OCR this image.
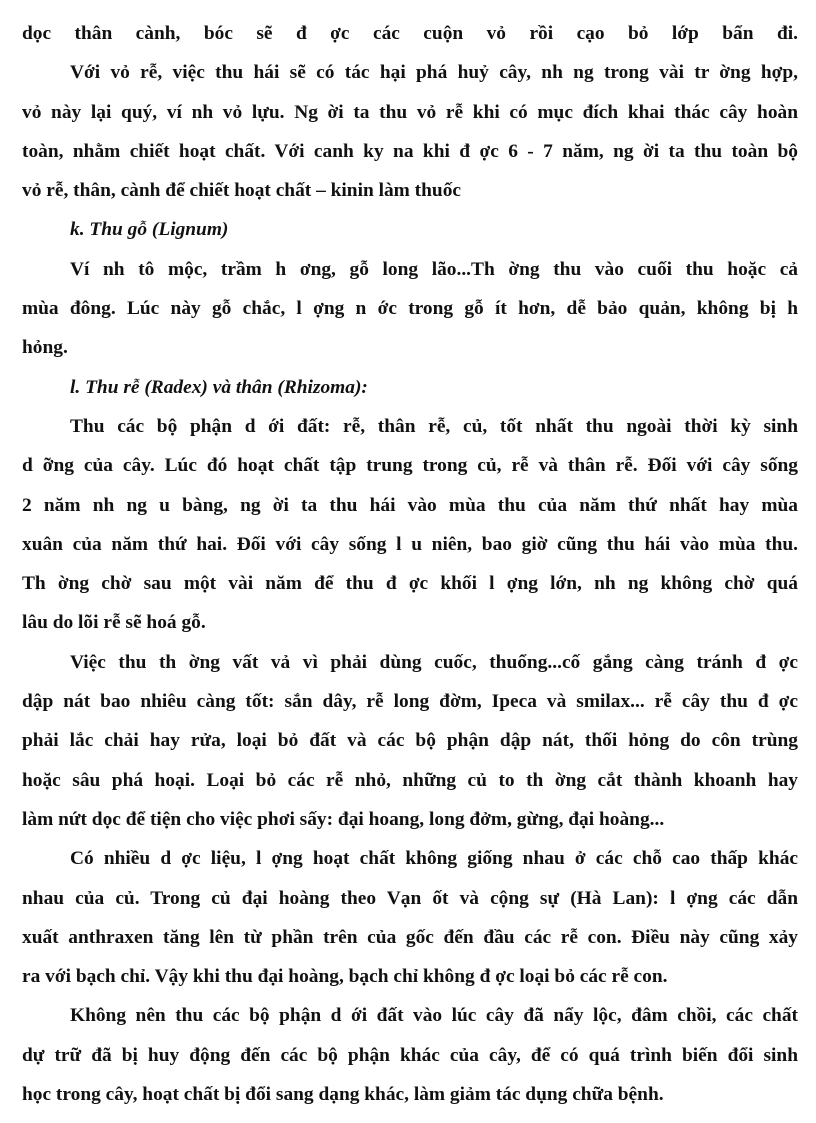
dọc thân cành, bóc sẽ đ ợc các cuộn vỏ rồi cạo bỏ lớp bẩn đi.

Với vỏ rễ, việc thu hái sẽ có tác hại phá huỷ cây, nh ng trong vài tr ờng hợp,

vỏ này lại quý, ví nh vỏ lựu. Ng ời ta thu vỏ rễ khi có mục đích khai thác cây hoàn

toàn, nhằm chiết hoạt chất. Với canh ky na khi đ ợc 6 - 7 năm, ng ời ta thu toàn bộ

vỏ rễ, thân, cành để chiết hoạt chất – kinin làm thuốc

k. Thu gỗ (Lignum)

Ví nh tô mộc, trầm h ơng, gỗ long lão...Th ờng thu vào cuối thu hoặc cả

mùa đông. Lúc này gỗ chắc, l ợng n ớc trong gỗ ít hơn, dễ bảo quản, không bị h

hỏng.

l. Thu rễ (Radex) và thân (Rhizoma):

Thu các bộ phận d ới đất: rễ, thân rễ, củ, tốt nhất thu ngoài thời kỳ sinh

d ỡng của cây. Lúc đó hoạt chất tập trung trong củ, rễ và thân rễ. Đối với cây sống

2 năm nh ng u bàng, ng ời ta thu hái vào mùa thu của năm thứ nhất hay mùa

xuân của năm thứ hai. Đối với cây sống l u niên, bao giờ cũng thu hái vào mùa thu.

Th ờng chờ sau một vài năm để thu đ ợc khối l ợng lớn, nh ng không chờ quá

lâu do lõi rễ sẽ hoá gỗ.

Việc thu th ờng vất vả vì phải dùng cuốc, thuổng...cố gắng càng tránh đ ợc

dập nát bao nhiêu càng tốt: sắn dây, rễ long đờm, Ipeca và smilax... rễ cây thu đ ợc

phải lắc chải hay rửa, loại bỏ đất và các bộ phận dập nát, thối hỏng do côn trùng

hoặc sâu phá hoại. Loại bỏ các rễ nhỏ, những củ to th ờng cắt thành khoanh hay

làm nứt dọc để tiện cho việc phơi sấy: đại hoang, long đởm, gừng, đại hoàng...

Có nhiều d ợc liệu, l ợng hoạt chất không giống nhau ở các chỗ cao thấp khác

nhau của củ. Trong củ đại hoàng theo Vạn ốt và cộng sự (Hà Lan): l ợng các dẫn

xuất anthraxen tăng lên từ phần trên của gốc đến đầu các rễ con. Điều này cũng xảy

ra với bạch chỉ. Vậy khi thu đại hoàng, bạch chỉ không đ ợc loại bỏ các rễ con.

Không nên thu các bộ phận d ới đất vào lúc cây đã nẩy lộc, đâm chồi, các chất

dự trữ đã bị huy động đến các bộ phận khác của cây, để có quá trình biến đổi sinh

học trong cây, hoạt chất bị đổi sang dạng khác, làm giảm tác dụng chữa bệnh.
